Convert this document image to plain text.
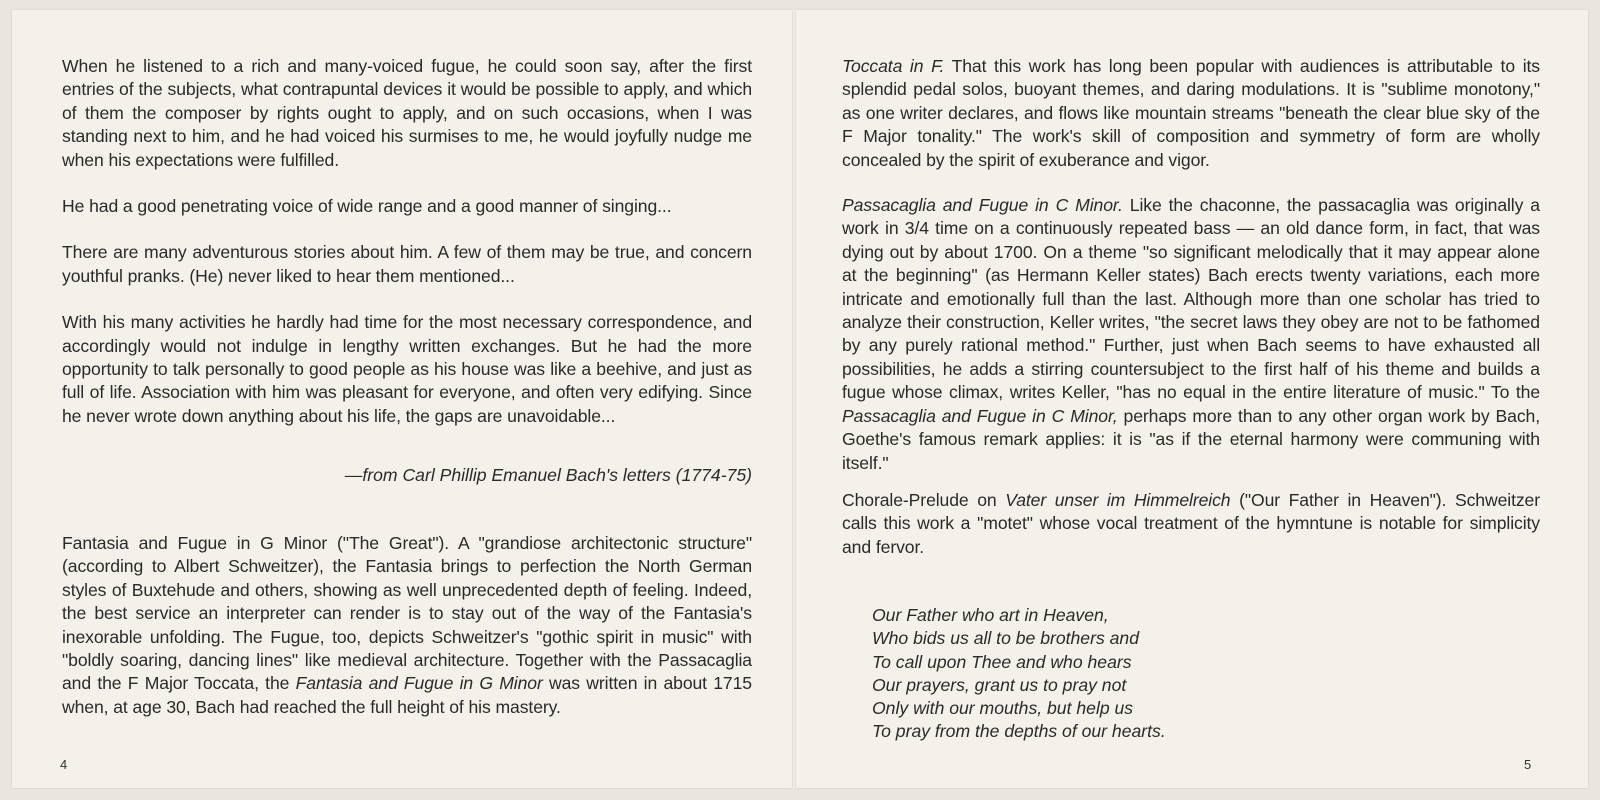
When he listened to a rich and many-voiced fugue, he could soon say, after the first entries of the subjects, what contrapuntal devices it would be possible to apply, and which of them the composer by rights ought to apply, and on such occasions, when I was standing next to him, and he had voiced his surmises to me, he would joyfully nudge me when his expectations were fulfilled.

He had a good penetrating voice of wide range and a good manner of singing...

There are many adventurous stories about him. A few of them may be true, and concern youthful pranks. (He) never liked to hear them mentioned...

With his many activities he hardly had time for the most necessary correspondence, and accordingly would not indulge in lengthy written exchanges. But he had the more opportunity to talk personally to good people as his house was like a beehive, and just as full of life. Association with him was pleasant for everyone, and often very edifying. Since he never wrote down anything about his life, the gaps are unavoidable...

—from Carl Phillip Emanuel Bach's letters (1774-75)

Fantasia and Fugue in G Minor ("The Great"). A "grandiose architectonic structure" (according to Albert Schweitzer), the Fantasia brings to perfection the North German styles of Buxtehude and others, showing as well unprecedented depth of feeling. Indeed, the best service an interpreter can render is to stay out of the way of the Fantasia's inexorable unfolding. The Fugue, too, depicts Schweitzer's "gothic spirit in music" with "boldly soaring, dancing lines" like medieval architecture. Together with the Passacaglia and the F Major Toccata, the Fantasia and Fugue in G Minor was written in about 1715 when, at age 30, Bach had reached the full height of his mastery.

4

Toccata in F. That this work has long been popular with audiences is attributable to its splendid pedal solos, buoyant themes, and daring modulations. It is "sublime monotony," as one writer declares, and flows like mountain streams "beneath the clear blue sky of the F Major tonality." The work's skill of composition and symmetry of form are wholly concealed by the spirit of exuberance and vigor.

Passacaglia and Fugue in C Minor. Like the chaconne, the passacaglia was originally a work in 3/4 time on a continuously repeated bass — an old dance form, in fact, that was dying out by about 1700. On a theme "so significant melodically that it may appear alone at the beginning" (as Hermann Keller states) Bach erects twenty variations, each more intricate and emotionally full than the last. Although more than one scholar has tried to analyze their construction, Keller writes, "the secret laws they obey are not to be fathomed by any purely rational method." Further, just when Bach seems to have exhausted all possibilities, he adds a stirring countersubject to the first half of his theme and builds a fugue whose climax, writes Keller, "has no equal in the entire literature of music." To the Passacaglia and Fugue in C Minor, perhaps more than to any other organ work by Bach, Goethe's famous remark applies: it is "as if the eternal harmony were communing with itself."

Chorale-Prelude on Vater unser im Himmelreich ("Our Father in Heaven"). Schweitzer calls this work a "motet" whose vocal treatment of the hymntune is notable for simplicity and fervor.

Our Father who art in Heaven,
Who bids us all to be brothers and
To call upon Thee and who hears
Our prayers, grant us to pray not
Only with our mouths, but help us
To pray from the depths of our hearts.
5
